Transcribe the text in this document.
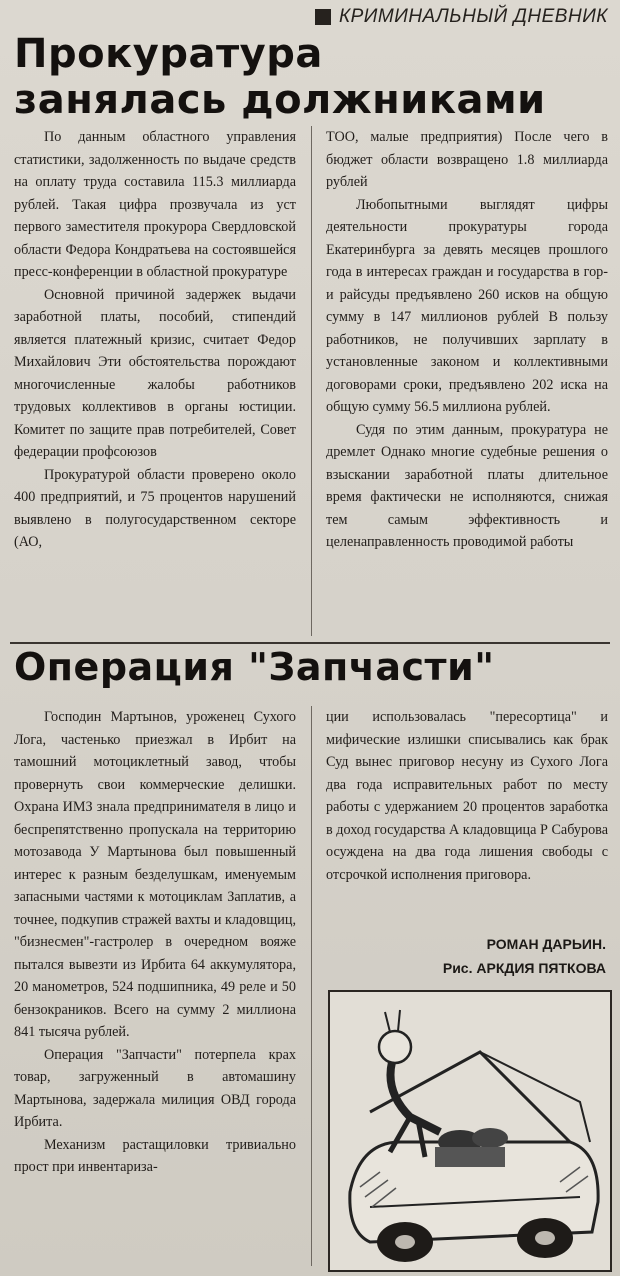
КРИМИНАЛЬНЫЙ ДНЕВНИК
Прокуратура
занялась должниками

По данным областного управления статистики, задолженность по выдаче средств на оплату труда составила 115.3 миллиарда рублей. Такая цифра прозвучала из уст первого заместителя прокурора Свердловской области Федора Кондратьева на состоявшейся пресс-конференции в областной прокуратуре

Основной причиной задержек выдачи заработной платы, пособий, стипендий является платежный кризис, считает Федор Михайлович Эти обстоятельства порождают многочисленные жалобы работников трудовых коллективов в органы юстиции. Комитет по защите прав потребителей, Совет федерации профсоюзов

Прокуратурой области проверено около 400 предприятий, и 75 процентов нарушений выявлено в полугосударственном секторе (АО,

ТОО, малые предприятия) После чего в бюджет области возвращено 1.8 миллиарда рублей

Любопытными выглядят цифры деятельности прокуратуры города Екатеринбурга за девять месяцев прошлого года в интересах граждан и государства в гор- и райсуды предъявлено 260 исков на общую сумму в 147 миллионов рублей В пользу работников, не получивших зарплату в установленные законом и коллективными договорами сроки, предъявлено 202 иска на общую сумму 56.5 миллиона рублей.

Судя по этим данным, прокуратура не дремлет Однако многие судебные решения о взыскании заработной платы длительное время фактически не исполняются, снижая тем самым эффективность и целенаправленность проводимой работы

Операция "Запчасти"

Господин Мартынов, уроженец Сухого Лога, частенько приезжал в Ирбит на тамошний мотоциклетный завод, чтобы провернуть свои коммерческие делишки. Охрана ИМЗ знала предпринимателя в лицо и беспрепятственно пропускала на территорию мотозавода У Мартынова был повышенный интерес к разным безделушкам, именуемым запасными частями к мотоциклам Заплатив, а точнее, подкупив стражей вахты и кладовщиц, "бизнесмен"-гастролер в очередном вояже пытался вывезти из Ирбита 64 аккумулятора, 20 манометров, 524 подшипника, 49 реле и 50 бензокраников. Всего на сумму 2 миллиона 841 тысяча рублей.

Операция "Запчасти" потерпела крах товар, загруженный в автомашину Мартынова, задержала милиция ОВД города Ирбита.

Механизм растащиловки тривиально прост при инвентариза-

ции использовалась "пересортица" и мифические излишки списывались как брак Суд вынес приговор несуну из Сухого Лога два года исправительных работ по месту работы с удержанием 20 процентов заработка в доход государства А кладовщица Р Сабурова осуждена на два года лишения свободы с отсрочкой исполнения приговора.

РОМАН ДАРЬИН.
Рис. АРКДИЯ ПЯТКОВА
